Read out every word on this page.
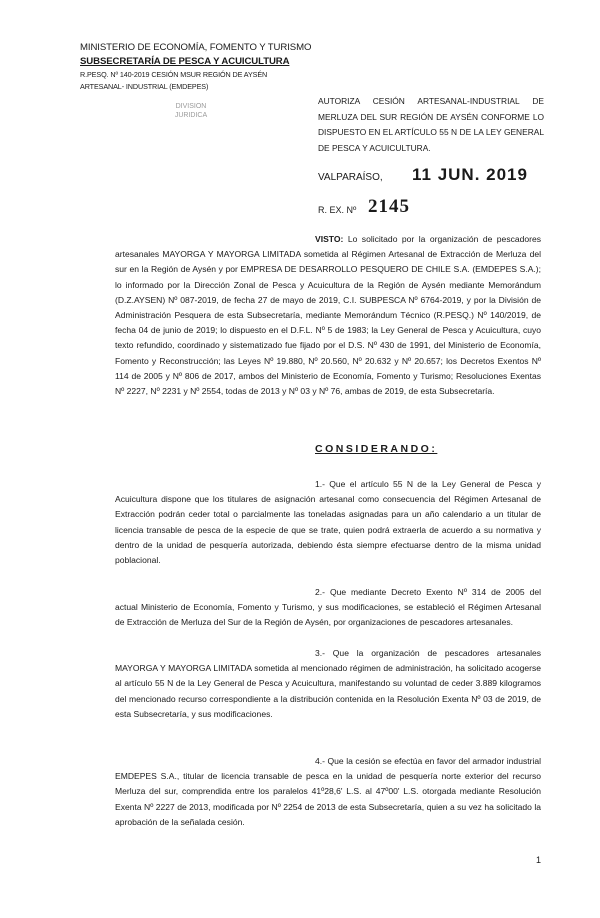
MINISTERIO DE ECONOMÍA, FOMENTO Y TURISMO
SUBSECRETARÍA DE PESCA Y ACUICULTURA
R.PESQ. Nº 140-2019 CESIÓN MSUR REGIÓN DE AYSÉN
ARTESANAL- INDUSTRIAL (EMDEPES)
DIVISION
JURIDICA
AUTORIZA CESIÓN ARTESANAL-INDUSTRIAL DE MERLUZA DEL SUR REGIÓN DE AYSÉN CONFORME LO DISPUESTO EN EL ARTÍCULO 55 N DE LA LEY GENERAL DE PESCA Y ACUICULTURA.
VALPARAÍSO, 11 JUN. 2019
R. EX. Nº 2145

VISTO: Lo solicitado por la organización de pescadores artesanales MAYORGA Y MAYORGA LIMITADA sometida al Régimen Artesanal de Extracción de Merluza del sur en la Región de Aysén y por EMPRESA DE DESARROLLO PESQUERO DE CHILE S.A. (EMDEPES S.A.); lo informado por la Dirección Zonal de Pesca y Acuicultura de la Región de Aysén mediante Memorándum (D.Z.AYSEN) Nº 087-2019, de fecha 27 de mayo de 2019, C.I. SUBPESCA Nº 6764-2019, y por la División de Administración Pesquera de esta Subsecretaría, mediante Memorándum Técnico (R.PESQ.) Nº 140/2019, de fecha 04 de junio de 2019; lo dispuesto en el D.F.L. Nº 5 de 1983; la Ley General de Pesca y Acuicultura, cuyo texto refundido, coordinado y sistematizado fue fijado por el D.S. Nº 430 de 1991, del Ministerio de Economía, Fomento y Reconstrucción; las Leyes Nº 19.880, Nº 20.560, Nº 20.632 y Nº 20.657; los Decretos Exentos Nº 114 de 2005 y Nº 806 de 2017, ambos del Ministerio de Economía, Fomento y Turismo; Resoluciones Exentas Nº 2227, Nº 2231 y Nº 2554, todas de 2013 y Nº 03 y Nº 76, ambas de 2019, de esta Subsecretaría.

CONSIDERANDO:

1.- Que el artículo 55 N de la Ley General de Pesca y Acuicultura dispone que los titulares de asignación artesanal como consecuencia del Régimen Artesanal de Extracción podrán ceder total o parcialmente las toneladas asignadas para un año calendario a un titular de licencia transable de pesca de la especie de que se trate, quien podrá extraerla de acuerdo a su normativa y dentro de la unidad de pesquería autorizada, debiendo ésta siempre efectuarse dentro de la misma unidad poblacional.

2.- Que mediante Decreto Exento Nº 314 de 2005 del actual Ministerio de Economía, Fomento y Turismo, y sus modificaciones, se estableció el Régimen Artesanal de Extracción de Merluza del Sur de la Región de Aysén, por organizaciones de pescadores artesanales.

3.- Que la organización de pescadores artesanales MAYORGA Y MAYORGA LIMITADA sometida al mencionado régimen de administración, ha solicitado acogerse al artículo 55 N de la Ley General de Pesca y Acuicultura, manifestando su voluntad de ceder 3.889 kilogramos del mencionado recurso correspondiente a la distribución contenida en la Resolución Exenta Nº 03 de 2019, de esta Subsecretaría, y sus modificaciones.

4.- Que la cesión se efectúa en favor del armador industrial EMDEPES S.A., titular de licencia transable de pesca en la unidad de pesquería norte exterior del recurso Merluza del sur, comprendida entre los paralelos 41º28,6' L.S. al 47º00' L.S. otorgada mediante Resolución Exenta Nº 2227 de 2013, modificada por Nº 2254 de 2013 de esta Subsecretaría, quien a su vez ha solicitado la aprobación de la señalada cesión.

1
